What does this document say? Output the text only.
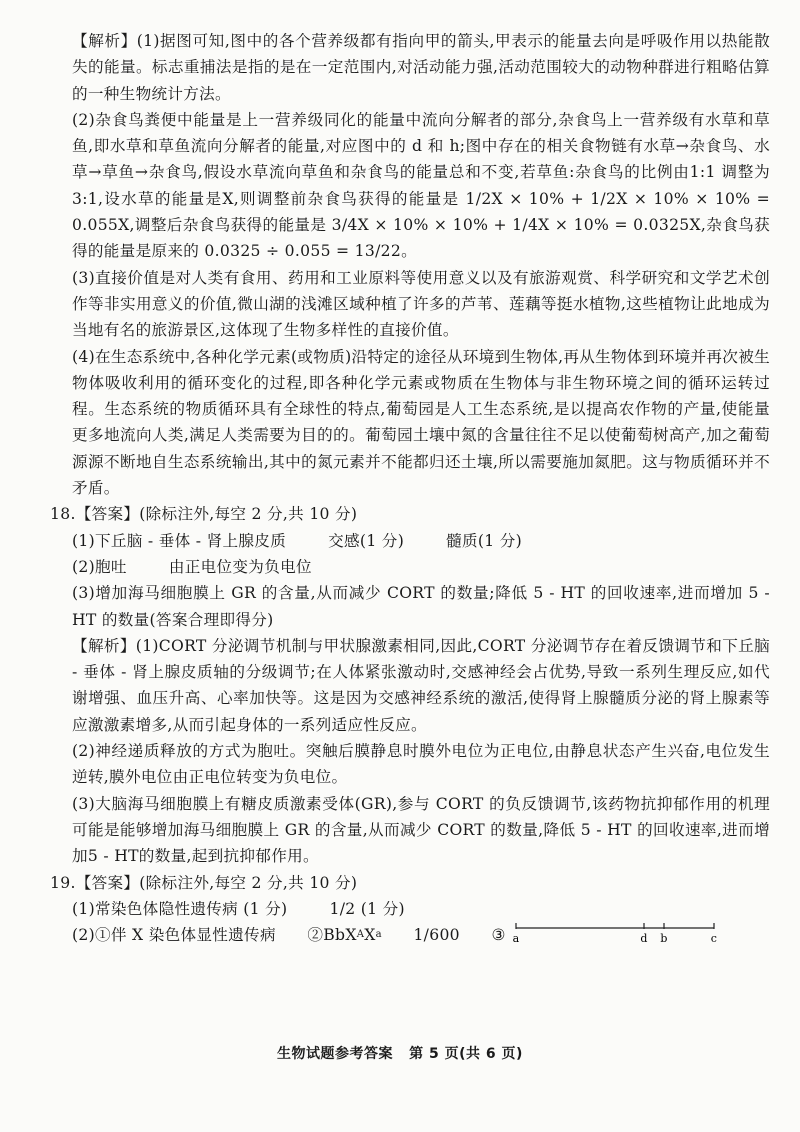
【解析】(1)据图可知,图中的各个营养级都有指向甲的箭头,甲表示的能量去向是呼吸作用以热能散失的能量。标志重捕法是指的是在一定范围内,对活动能力强,活动范围较大的动物种群进行粗略估算的一种生物统计方法。

(2)杂食鸟粪便中能量是上一营养级同化的能量中流向分解者的部分,杂食鸟上一营养级有水草和草鱼,即水草和草鱼流向分解者的能量,对应图中的 d 和 h;图中存在的相关食物链有水草→杂食鸟、水草→草鱼→杂食鸟,假设水草流向草鱼和杂食鸟的能量总和不变,若草鱼:杂食鸟的比例由1:1 调整为3:1,设水草的能量是X,则调整前杂食鸟获得的能量是 1/2X × 10% + 1/2X × 10% × 10% = 0.055X,调整后杂食鸟获得的能量是 3/4X × 10% × 10% + 1/4X × 10% = 0.0325X,杂食鸟获得的能量是原来的 0.0325 ÷ 0.055 = 13/22。

(3)直接价值是对人类有食用、药用和工业原料等使用意义以及有旅游观赏、科学研究和文学艺术创作等非实用意义的价值,微山湖的浅滩区域种植了许多的芦苇、莲藕等挺水植物,这些植物让此地成为当地有名的旅游景区,这体现了生物多样性的直接价值。

(4)在生态系统中,各种化学元素(或物质)沿特定的途径从环境到生物体,再从生物体到环境并再次被生物体吸收利用的循环变化的过程,即各种化学元素或物质在生物体与非生物环境之间的循环运转过程。生态系统的物质循环具有全球性的特点,葡萄园是人工生态系统,是以提高农作物的产量,使能量更多地流向人类,满足人类需要为目的的。葡萄园土壤中氮的含量往往不足以使葡萄树高产,加之葡萄源源不断地自生态系统输出,其中的氮元素并不能都归还土壤,所以需要施加氮肥。这与物质循环并不矛盾。

18.【答案】(除标注外,每空 2 分,共 10 分)

(1)下丘脑 - 垂体 - 肾上腺皮质        交感(1 分)        髓质(1 分)

(2)胞吐        由正电位变为负电位

(3)增加海马细胞膜上 GR 的含量,从而减少 CORT 的数量;降低 5 - HT 的回收速率,进而增加 5 - HT 的数量(答案合理即得分)

【解析】(1)CORT 分泌调节机制与甲状腺激素相同,因此,CORT 分泌调节存在着反馈调节和下丘脑 - 垂体 - 肾上腺皮质轴的分级调节;在人体紧张激动时,交感神经会占优势,导致一系列生理反应,如代谢增强、血压升高、心率加快等。这是因为交感神经系统的激活,使得肾上腺髓质分泌的肾上腺素等应激激素增多,从而引起身体的一系列适应性反应。

(2)神经递质释放的方式为胞吐。突触后膜静息时膜外电位为正电位,由静息状态产生兴奋,电位发生逆转,膜外电位由正电位转变为负电位。

(3)大脑海马细胞膜上有糖皮质激素受体(GR),参与 CORT 的负反馈调节,该药物抗抑郁作用的机理可能是能够增加海马细胞膜上 GR 的含量,从而减少 CORT 的数量,降低 5 - HT 的回收速率,进而增加5 - HT的数量,起到抗抑郁作用。

19.【答案】(除标注外,每空 2 分,共 10 分)

(1)常染色体隐性遗传病 (1 分)        1/2 (1 分)

(2)①伴 X 染色体显性遗传病      ②BbX A X a 1/600      ③ a	d b	c

生物试题参考答案   第 5 页(共 6 页)
